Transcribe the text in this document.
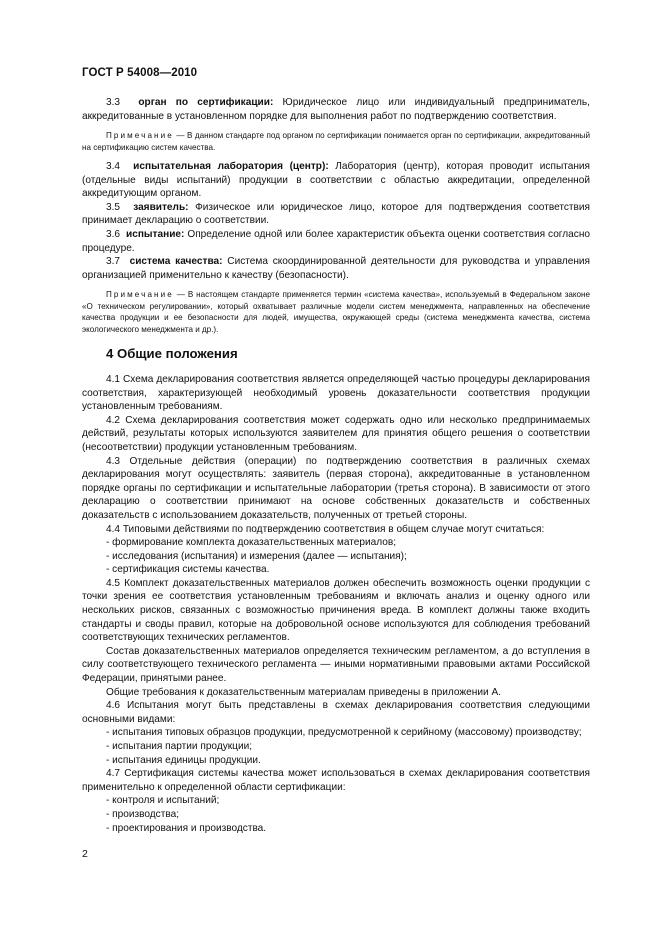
ГОСТ Р 54008—2010

3.3 орган по сертификации: Юридическое лицо или индивидуальный предприниматель, аккредитованные в установленном порядке для выполнения работ по подтверждению соответствия.

Примечание — В данном стандарте под органом по сертификации понимается орган по сертификации, аккредитованный на сертификацию систем качества.

3.4 испытательная лаборатория (центр): Лаборатория (центр), которая проводит испытания (отдельные виды испытаний) продукции в соответствии с областью аккредитации, определенной аккредитующим органом.

3.5 заявитель: Физическое или юридическое лицо, которое для подтверждения соответствия принимает декларацию о соответствии.

3.6 испытание: Определение одной или более характеристик объекта оценки соответствия согласно процедуре.

3.7 система качества: Система скоординированной деятельности для руководства и управления организацией применительно к качеству (безопасности).

Примечание — В настоящем стандарте применяется термин «система качества», используемый в Федеральном законе «О техническом регулировании», который охватывает различные модели систем менеджмента, направленных на обеспечение качества продукции и ее безопасности для людей, имущества, окружающей среды (система менеджмента качества, система экологического менеджмента и др.).

4 Общие положения

4.1 Схема декларирования соответствия является определяющей частью процедуры декларирования соответствия, характеризующей необходимый уровень доказательности соответствия продукции установленным требованиям.

4.2 Схема декларирования соответствия может содержать одно или несколько предпринимаемых действий, результаты которых используются заявителем для принятия общего решения о соответствии (несоответствии) продукции установленным требованиям.

4.3 Отдельные действия (операции) по подтверждению соответствия в различных схемах декларирования могут осуществлять: заявитель (первая сторона), аккредитованные в установленном порядке органы по сертификации и испытательные лаборатории (третья сторона). В зависимости от этого декларацию о соответствии принимают на основе собственных доказательств и собственных доказательств с использованием доказательств, полученных от третьей стороны.

4.4 Типовыми действиями по подтверждению соответствия в общем случае могут считаться:

- формирование комплекта доказательственных материалов;

- исследования (испытания) и измерения (далее — испытания);

- сертификация системы качества.

4.5 Комплект доказательственных материалов должен обеспечить возможность оценки продукции с точки зрения ее соответствия установленным требованиям и включать анализ и оценку одного или нескольких рисков, связанных с возможностью причинения вреда. В комплект должны также входить стандарты и своды правил, которые на добровольной основе используются для соблюдения требований соответствующих технических регламентов.

Состав доказательственных материалов определяется техническим регламентом, а до вступления в силу соответствующего технического регламента — иными нормативными правовыми актами Российской Федерации, принятыми ранее.

Общие требования к доказательственным материалам приведены в приложении А.

4.6 Испытания могут быть представлены в схемах декларирования соответствия следующими основными видами:

- испытания типовых образцов продукции, предусмотренной к серийному (массовому) производству;

- испытания партии продукции;

- испытания единицы продукции.

4.7 Сертификация системы качества может использоваться в схемах декларирования соответствия применительно к определенной области сертификации:

- контроля и испытаний;

- производства;

- проектирования и производства.

2
